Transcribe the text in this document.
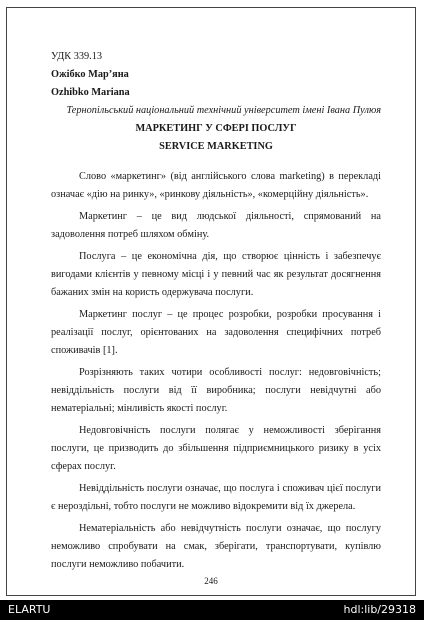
УДК 339.13

Ожібко Мар’яна

Ozhibko Mariana

Тернопільський національний технічний університет імені Івана Пулюя

МАРКЕТИНГ У СФЕРІ ПОСЛУГ

SERVICE MARKETING

Слово «маркетинг» (від англійського слова marketing) в перекладі означає «дію на ринку», «ринкову діяльність», «комерційну діяльність».

Маркетинг – це вид людської діяльності, спрямований на задоволення потреб шляхом обміну.

Послуга – це економічна дія, що створює цінність і забезпечує вигодами клієнтів у певному місці і у певний час як результат досягнення бажаних змін на користь одержувача послуги.

Маркетинг послуг – це процес розробки, розробки просування і реалізації послуг, орієнтованих на задоволення специфічних потреб споживачів [1].

Розрізняють таких чотири особливості послуг: недовговічність; невіддільність послуги від її виробника; послуги невідчутні або нематеріальні; мінливість якості послуг.

Недовговічність послуги полягає у неможливості зберігання послуги, це призводить до збільшення підприємницького ризику в усіх сферах послуг.

Невіддільність послуги означає, що послуга і споживач цієї послуги є нероздільні, тобто послуги не можливо відокремити від їх джерела.

Нематеріальність або невідчутність послуги означає, що послугу неможливо спробувати на смак, зберігати, транспортувати, купівлю послуги неможливо побачити.

246
ELARTU	hdl:lib/29318
